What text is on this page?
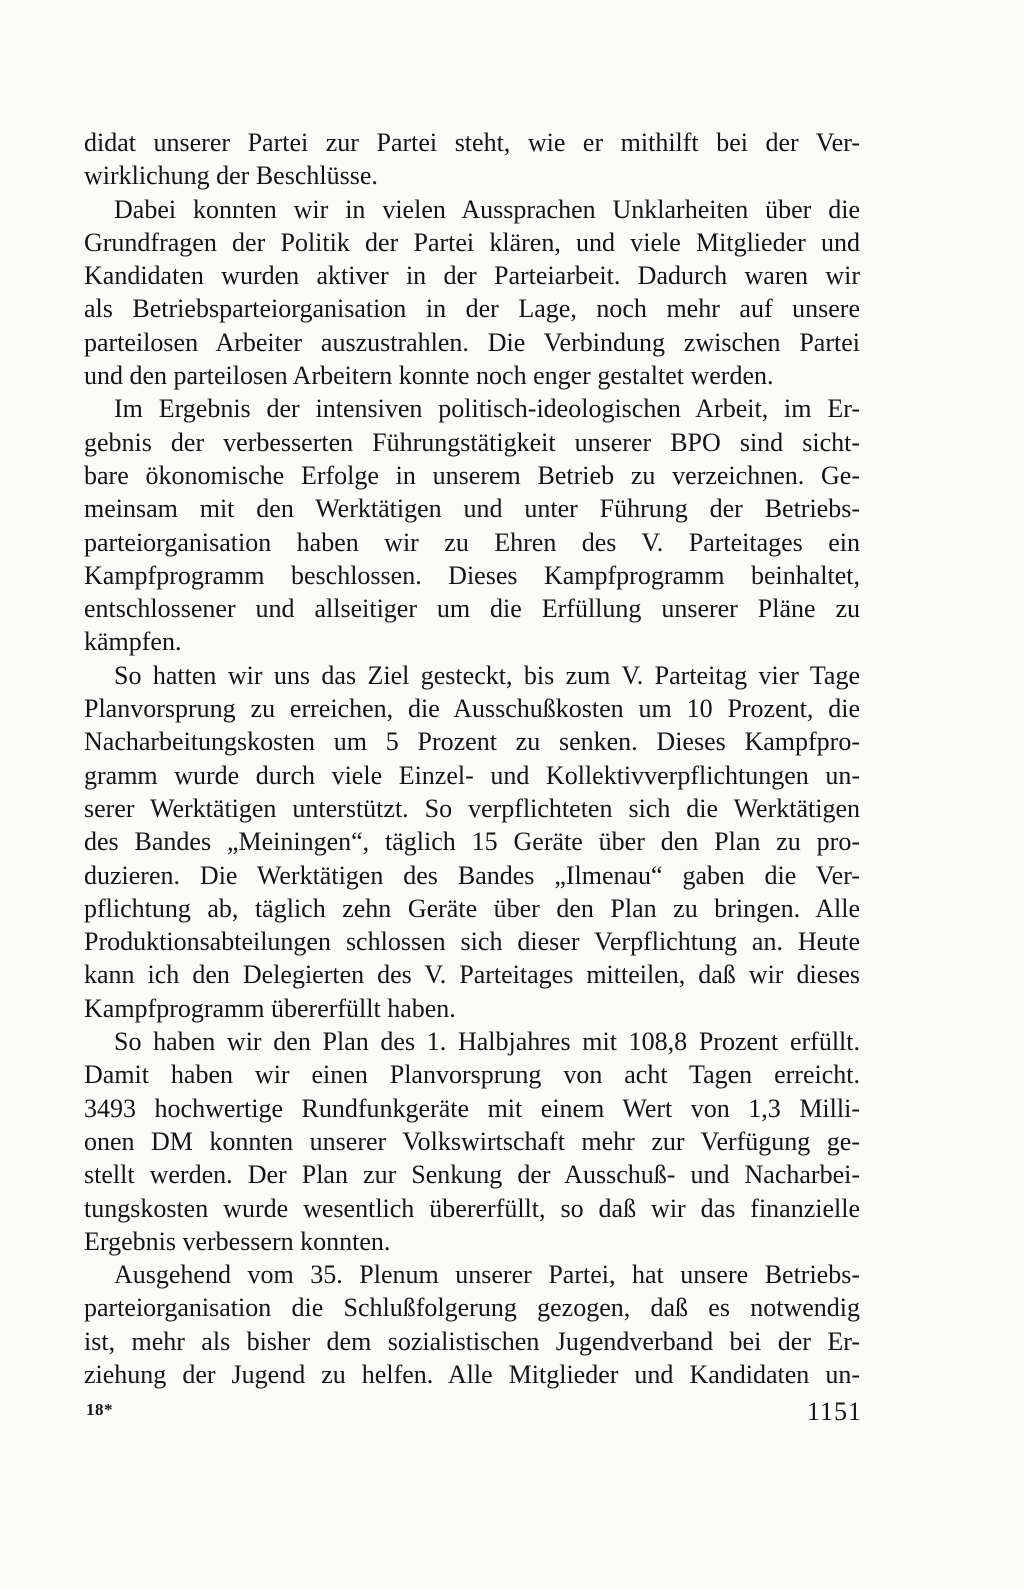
didat unserer Partei zur Partei steht, wie er mithilft bei der Ver-
wirklichung der Beschlüsse.
Dabei konnten wir in vielen Aussprachen Unklarheiten über die
Grundfragen der Politik der Partei klären, und viele Mitglieder und
Kandidaten wurden aktiver in der Parteiarbeit. Dadurch waren wir
als Betriebsparteiorganisation in der Lage, noch mehr auf unsere
parteilosen Arbeiter auszustrahlen. Die Verbindung zwischen Partei
und den parteilosen Arbeitern konnte noch enger gestaltet werden.
Im Ergebnis der intensiven politisch-ideologischen Arbeit, im Er-
gebnis der verbesserten Führungstätigkeit unserer BPO sind sicht-
bare ökonomische Erfolge in unserem Betrieb zu verzeichnen. Ge-
meinsam mit den Werktätigen und unter Führung der Betriebs-
parteiorganisation haben wir zu Ehren des V. Parteitages ein
Kampfprogramm beschlossen. Dieses Kampfprogramm beinhaltet,
entschlossener und allseitiger um die Erfüllung unserer Pläne zu
kämpfen.
So hatten wir uns das Ziel gesteckt, bis zum V. Parteitag vier Tage
Planvorsprung zu erreichen, die Ausschußkosten um 10 Prozent, die
Nacharbeitungskosten um 5 Prozent zu senken. Dieses Kampfpro-
gramm wurde durch viele Einzel- und Kollektivverpflichtungen un-
serer Werktätigen unterstützt. So verpflichteten sich die Werktätigen
des Bandes „Meiningen“, täglich 15 Geräte über den Plan zu pro-
duzieren. Die Werktätigen des Bandes „Ilmenau“ gaben die Ver-
pflichtung ab, täglich zehn Geräte über den Plan zu bringen. Alle
Produktionsabteilungen schlossen sich dieser Verpflichtung an. Heute
kann ich den Delegierten des V. Parteitages mitteilen, daß wir dieses
Kampfprogramm übererfüllt haben.
So haben wir den Plan des 1. Halbjahres mit 108,8 Prozent erfüllt.
Damit haben wir einen Planvorsprung von acht Tagen erreicht.
3493 hochwertige Rundfunkgeräte mit einem Wert von 1,3 Milli-
onen DM konnten unserer Volkswirtschaft mehr zur Verfügung ge-
stellt werden. Der Plan zur Senkung der Ausschuß- und Nacharbei-
tungskosten wurde wesentlich übererfüllt, so daß wir das finanzielle
Ergebnis verbessern konnten.
Ausgehend vom 35. Plenum unserer Partei, hat unsere Betriebs-
parteiorganisation die Schlußfolgerung gezogen, daß es notwendig
ist, mehr als bisher dem sozialistischen Jugendverband bei der Er-
ziehung der Jugend zu helfen. Alle Mitglieder und Kandidaten un-
18*	1151
